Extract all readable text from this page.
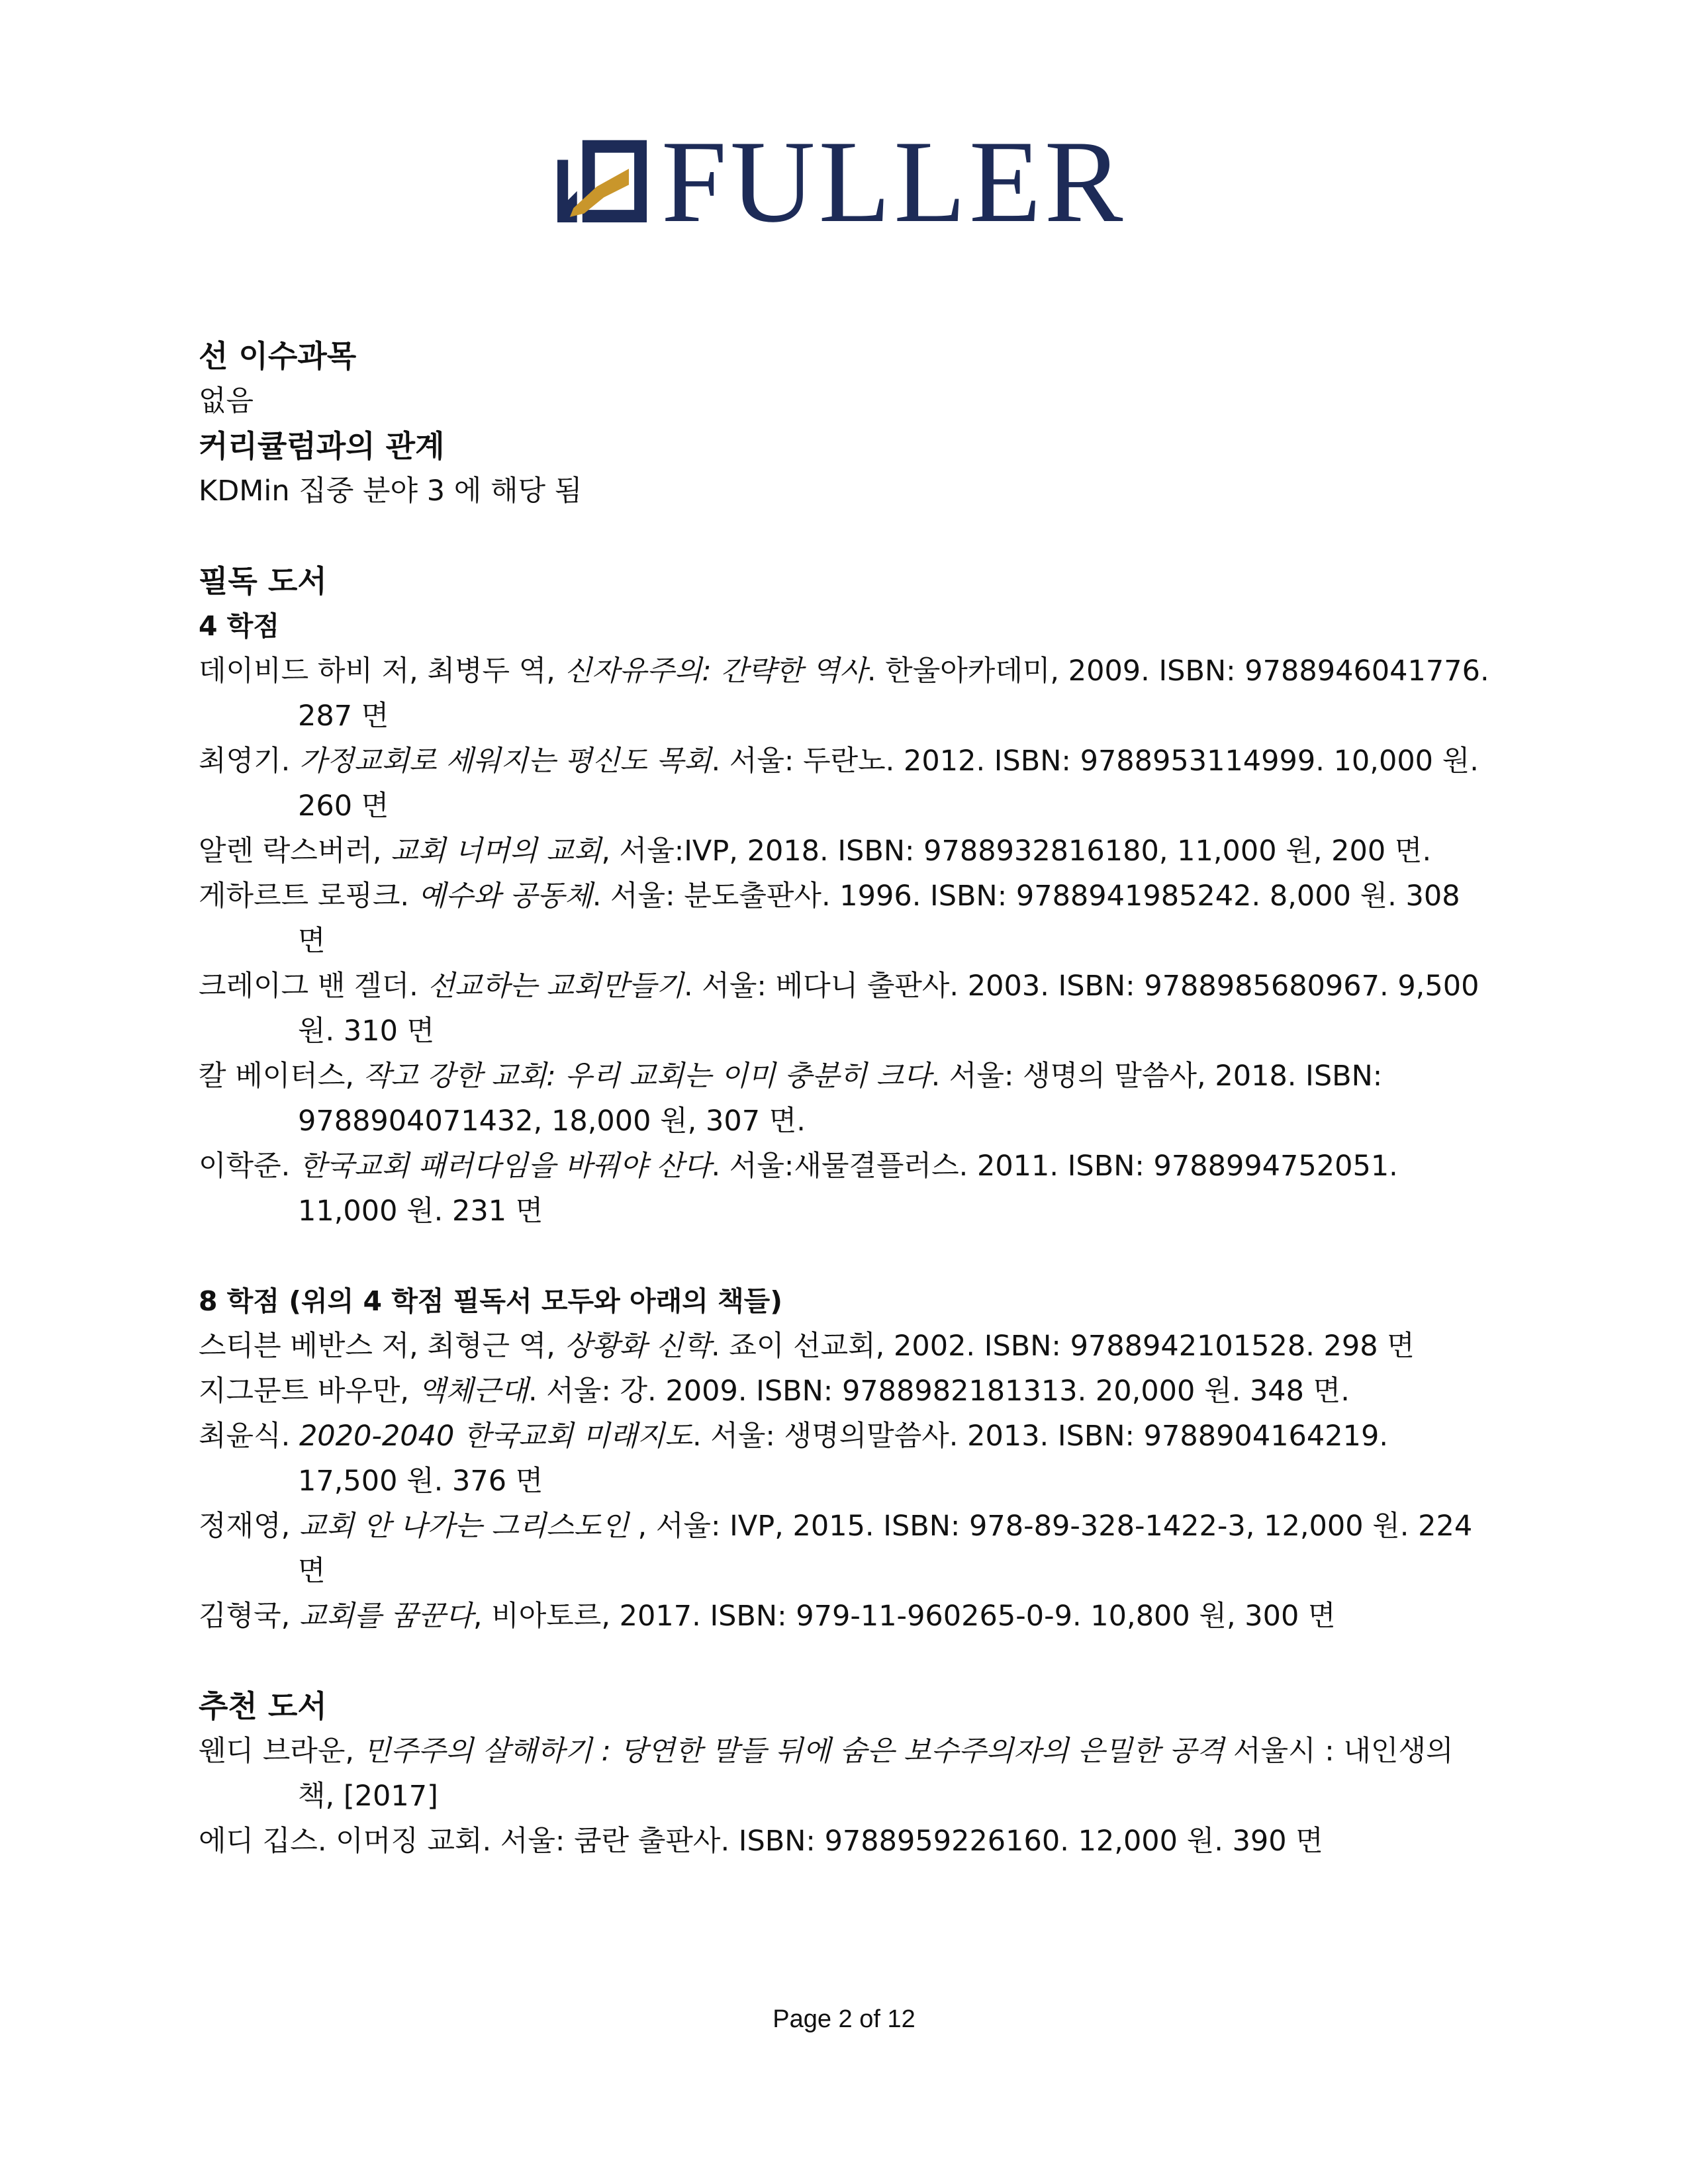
FULLER
선 이수과목
없음
커리큘럼과의 관계
KDMin 집중 분야 3 에 해당 됨
필독 도서
4 학점
데이비드 하비 저, 최병두 역, 신자유주의: 간략한 역사. 한울아카데미, 2009. ISBN: 9788946041776. 287 면
최영기. 가정교회로 세워지는 평신도 목회. 서울: 두란노. 2012. ISBN: 9788953114999. 10,000 원. 260 면
알렌 락스버러, 교회 너머의 교회, 서울:IVP, 2018. ISBN: 9788932816180, 11,000 원, 200 면.
게하르트 로핑크. 예수와 공동체. 서울: 분도출판사. 1996. ISBN: 9788941985242. 8,000 원. 308 면
크레이그 밴 겔더. 선교하는 교회만들기. 서울: 베다니 출판사. 2003. ISBN: 9788985680967. 9,500 원. 310 면
칼 베이터스, 작고 강한 교회: 우리 교회는 이미 충분히 크다. 서울: 생명의 말씀사, 2018. ISBN: 9788904071432, 18,000 원, 307 면.
이학준. 한국교회 패러다임을 바꿔야 산다. 서울:새물결플러스. 2011. ISBN: 9788994752051. 11,000 원. 231 면
8 학점 (위의 4 학점 필독서 모두와 아래의 책들)
스티븐 베반스 저, 최형근 역, 상황화 신학. 죠이 선교회, 2002. ISBN: 9788942101528. 298 면
지그문트 바우만, 액체근대. 서울: 강. 2009. ISBN: 9788982181313. 20,000 원. 348 면.
최윤식. 2020-2040 한국교회 미래지도. 서울: 생명의말씀사. 2013. ISBN: 9788904164219. 17,500 원. 376 면
정재영, 교회 안 나가는 그리스도인 , 서울: IVP, 2015. ISBN: 978-89-328-1422-3, 12,000 원. 224 면
김형국, 교회를 꿈꾼다, 비아토르, 2017. ISBN: 979-11-960265-0-9. 10,800 원, 300 면
추천 도서
웬디 브라운, 민주주의 살해하기 : 당연한 말들 뒤에 숨은 보수주의자의 은밀한 공격 서울시 : 내인생의책, [2017]
에디 깁스. 이머징 교회. 서울: 쿰란 출판사. ISBN: 9788959226160. 12,000 원. 390 면
Page 2 of 12
